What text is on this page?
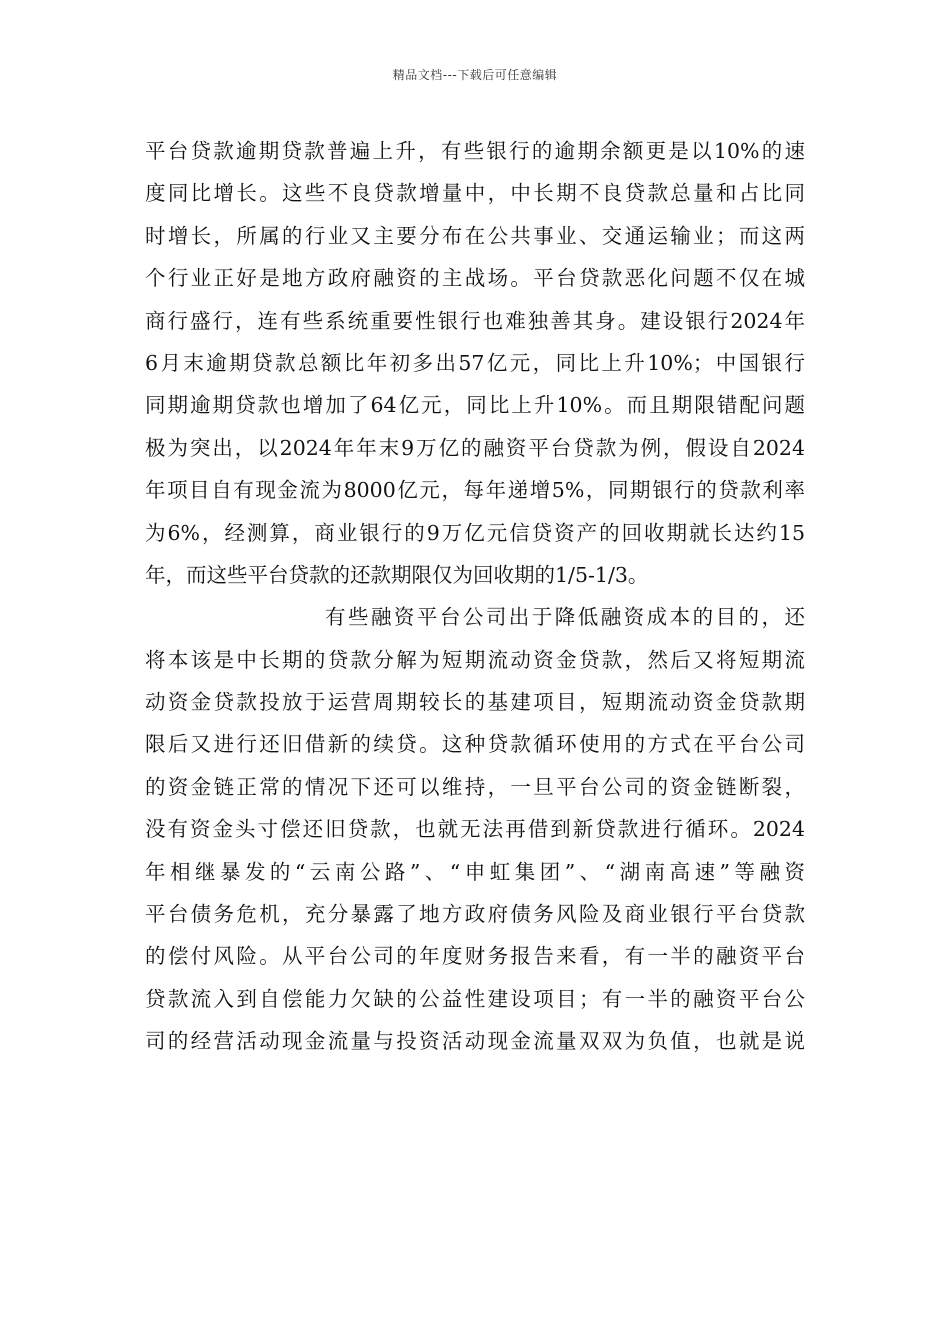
精品文档---下载后可任意编辑
平台贷款逾期贷款普遍上升，有些银行的逾期余额更是以10%的速
度同比增长。这些不良贷款增量中，中长期不良贷款总量和占比同
时增长，所属的行业又主要分布在公共事业、交通运输业；而这两
个行业正好是地方政府融资的主战场。平台贷款恶化问题不仅在城
商行盛行，连有些系统重要性银行也难独善其身。建设银行2024年
6月末逾期贷款总额比年初多出57亿元，同比上升10%；中国银行
同期逾期贷款也增加了64亿元，同比上升10%。而且期限错配问题
极为突出，以2024年年末9万亿的融资平台贷款为例，假设自2024
年项目自有现金流为8000亿元，每年递增5%，同期银行的贷款利率
为6%，经测算，商业银行的9万亿元信贷资产的回收期就长达约15
年，而这些平台贷款的还款期限仅为回收期的1/5-1/3。
有些融资平台公司出于降低融资成本的目的，还
将本该是中长期的贷款分解为短期流动资金贷款，然后又将短期流
动资金贷款投放于运营周期较长的基建项目，短期流动资金贷款期
限后又进行还旧借新的续贷。这种贷款循环使用的方式在平台公司
的资金链正常的情况下还可以维持，一旦平台公司的资金链断裂，
没有资金头寸偿还旧贷款，也就无法再借到新贷款进行循环。2024
年相继暴发的“云南公路”、“申虹集团”、“湖南高速”等融资
平台债务危机，充分暴露了地方政府债务风险及商业银行平台贷款
的偿付风险。从平台公司的年度财务报告来看，有一半的融资平台
贷款流入到自偿能力欠缺的公益性建设项目；有一半的融资平台公
司的经营活动现金流量与投资活动现金流量双双为负值，也就是说
